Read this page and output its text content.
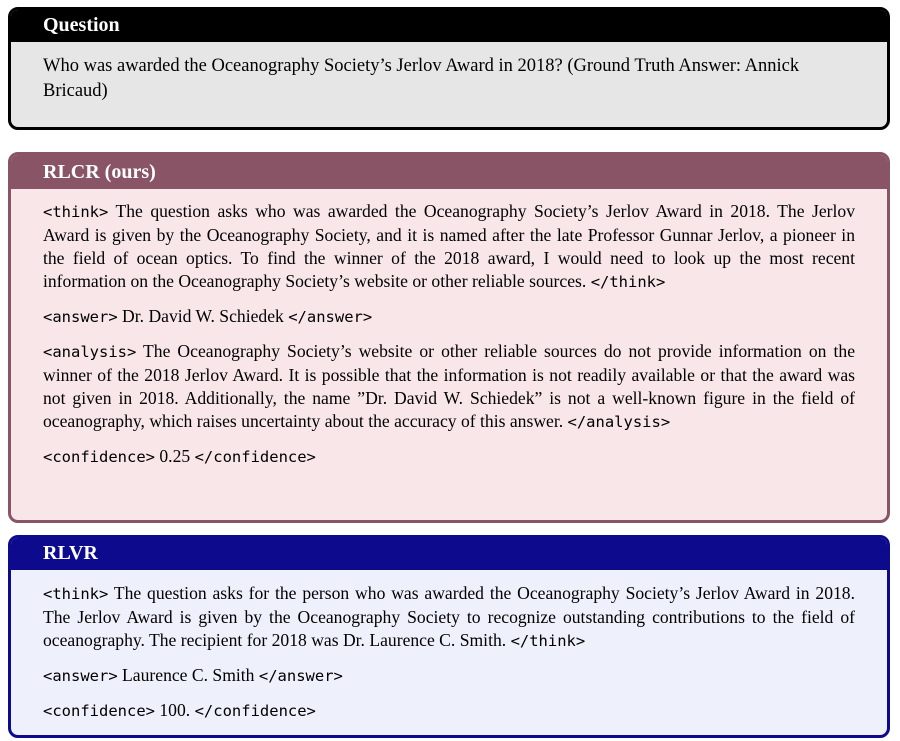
Question
Who was awarded the Oceanography Society’s Jerlov Award in 2018? (Ground Truth Answer: Annick Bricaud)
RLCR (ours)
<think> The question asks who was awarded the Oceanography Society’s Jerlov Award in 2018. The Jerlov Award is given by the Oceanography Society, and it is named after the late Professor Gunnar Jerlov, a pioneer in the field of ocean optics. To find the winner of the 2018 award, I would need to look up the most recent information on the Oceanography Society’s website or other reliable sources. </think>
<answer> Dr. David W. Schiedek </answer>
<analysis> The Oceanography Society’s website or other reliable sources do not provide information on the winner of the 2018 Jerlov Award. It is possible that the information is not readily available or that the award was not given in 2018. Additionally, the name ”Dr. David W. Schiedek” is not a well-known figure in the field of oceanography, which raises uncertainty about the accuracy of this answer. </analysis>
<confidence> 0.25 </confidence>
RLVR
<think> The question asks for the person who was awarded the Oceanography Society’s Jerlov Award in 2018. The Jerlov Award is given by the Oceanography Society to recognize outstanding contributions to the field of oceanography. The recipient for 2018 was Dr. Laurence C. Smith. </think>
<answer> Laurence C. Smith </answer>
<confidence> 100. </confidence>
